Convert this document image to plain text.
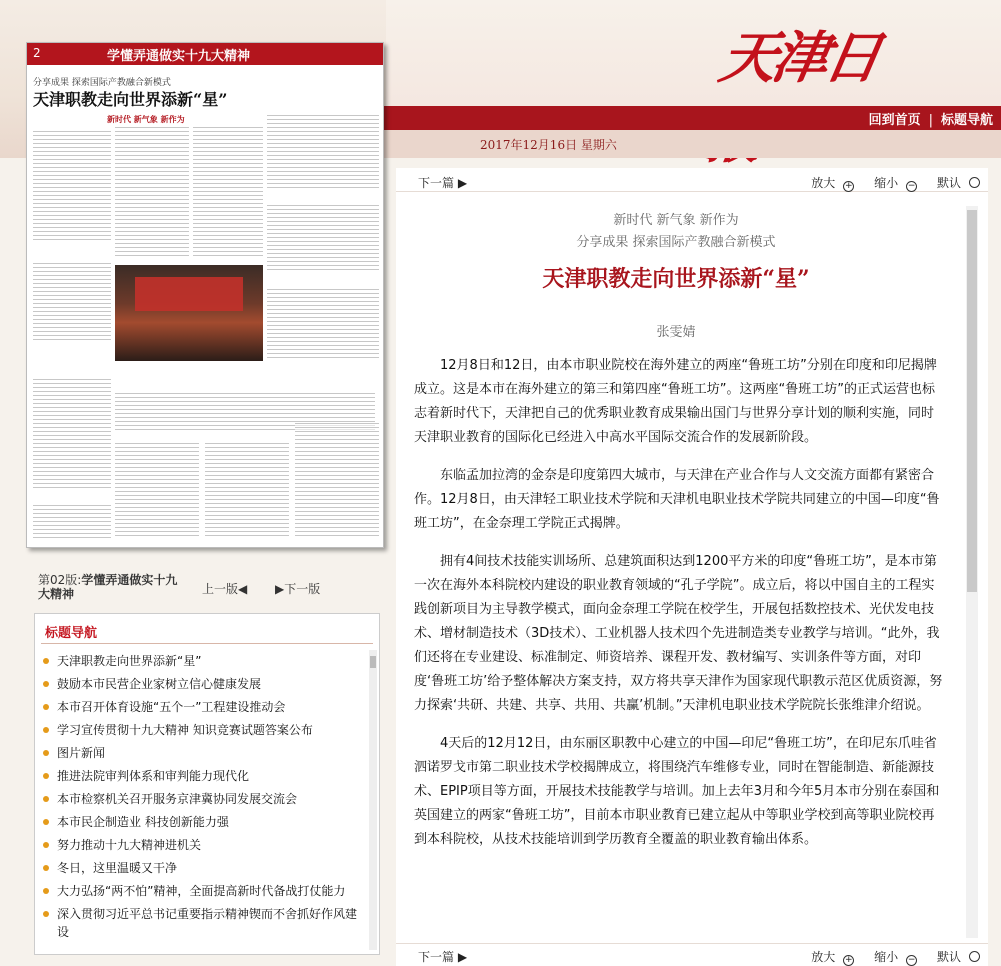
天津日报	回到首页 | 标题导航
2017年12月16日 星期六
2	学懂弄通做实十九大精神
分享成果 探索国际产教融合新模式
天津职教走向世界添新“星”
新时代 新气象 新作为
第02版:学懂弄通做实十九大精神	上一版◀ ▶下一版
标题导航
天津职教走向世界添新“星”
鼓励本市民营企业家树立信心健康发展
本市召开体育设施“五个一”工程建设推动会
学习宣传贯彻十九大精神 知识竞赛试题答案公布
图片新闻
推进法院审判体系和审判能力现代化
本市检察机关召开服务京津冀协同发展交流会
本市民企制造业 科技创新能力强
努力推动十九大精神进机关
冬日，这里温暖又干净
大力弘扬“两不怕”精神，全面提高新时代备战打仗能力
深入贯彻习近平总书记重要指示精神锲而不舍抓好作风建设
下一篇 ▶	放大 + 缩小 − 默认
新时代 新气象 新作为
分享成果 探索国际产教融合新模式
天津职教走向世界添新“星”
张雯婧

12月8日和12日，由本市职业院校在海外建立的两座“鲁班工坊”分别在印度和印尼揭牌成立。这是本市在海外建立的第三和第四座“鲁班工坊”。这两座“鲁班工坊”的正式运营也标志着新时代下，天津把自己的优秀职业教育成果输出国门与世界分享计划的顺利实施，同时天津职业教育的国际化已经进入中高水平国际交流合作的发展新阶段。

东临孟加拉湾的金奈是印度第四大城市，与天津在产业合作与人文交流方面都有紧密合作。12月8日，由天津轻工职业技术学院和天津机电职业技术学院共同建立的中国—印度“鲁班工坊”，在金奈理工学院正式揭牌。

拥有4间技术技能实训场所、总建筑面积达到1200平方米的印度“鲁班工坊”，是本市第一次在海外本科院校内建设的职业教育领域的“孔子学院”。成立后，将以中国自主的工程实践创新项目为主导教学模式，面向金奈理工学院在校学生，开展包括数控技术、光伏发电技术、增材制造技术（3D技术）、工业机器人技术四个先进制造类专业教学与培训。“此外，我们还将在专业建设、标准制定、师资培养、课程开发、教材编写、实训条件等方面，对印度‘鲁班工坊’给予整体解决方案支持，双方将共享天津作为国家现代职教示范区优质资源，努力探索‘共研、共建、共享、共用、共赢’机制。”天津机电职业技术学院院长张维津介绍说。

4天后的12月12日，由东丽区职教中心建立的中国—印尼“鲁班工坊”，在印尼东爪哇省泗诺罗戈市第二职业技术学校揭牌成立，将围绕汽车维修专业，同时在智能制造、新能源技术、EPIP项目等方面，开展技术技能教学与培训。加上去年3月和今年5月本市分别在泰国和英国建立的两家“鲁班工坊”，目前本市职业教育已建立起从中等职业学校到高等职业院校再到本科院校，从技术技能培训到学历教育全覆盖的职业教育输出体系。

下一篇 ▶	放大 + 缩小 − 默认
